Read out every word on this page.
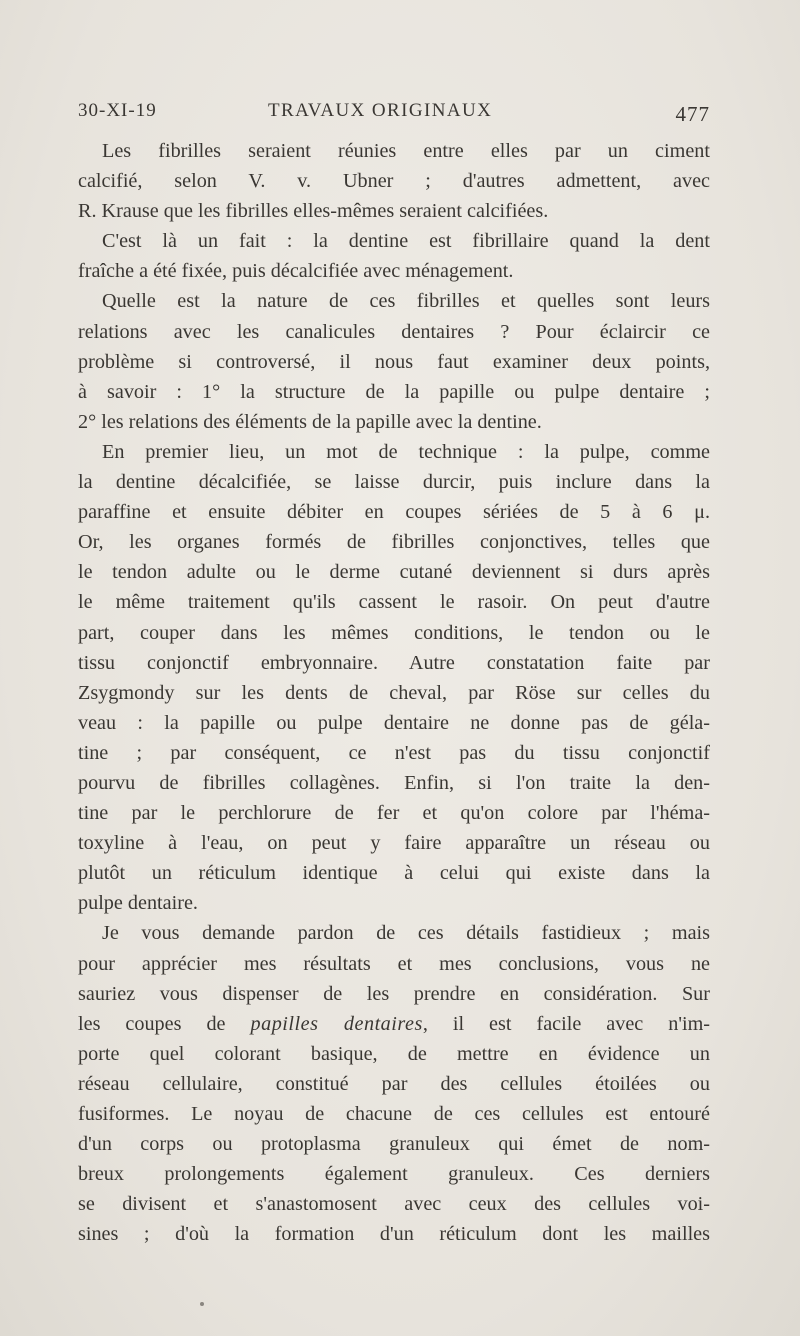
30-XI-19	TRAVAUX ORIGINAUX	477
Les fibrilles seraient réunies entre elles par un ciment
calcifié, selon V. v. Ubner ; d'autres admettent, avec
R. Krause que les fibrilles elles-mêmes seraient calcifiées.
C'est là un fait : la dentine est fibrillaire quand la dent
fraîche a été fixée, puis décalcifiée avec ménagement.
Quelle est la nature de ces fibrilles et quelles sont leurs
relations avec les canalicules dentaires ? Pour éclaircir ce
problème si controversé, il nous faut examiner deux points,
à savoir : 1° la structure de la papille ou pulpe dentaire ;
2° les relations des éléments de la papille avec la dentine.
En premier lieu, un mot de technique : la pulpe, comme
la dentine décalcifiée, se laisse durcir, puis inclure dans la
paraffine et ensuite débiter en coupes sériées de 5 à 6 μ.
Or, les organes formés de fibrilles conjonctives, telles que
le tendon adulte ou le derme cutané deviennent si durs après
le même traitement qu'ils cassent le rasoir. On peut d'autre
part, couper dans les mêmes conditions, le tendon ou le
tissu conjonctif embryonnaire. Autre constatation faite par
Zsygmondy sur les dents de cheval, par Röse sur celles du
veau : la papille ou pulpe dentaire ne donne pas de géla-
tine ; par conséquent, ce n'est pas du tissu conjonctif
pourvu de fibrilles collagènes. Enfin, si l'on traite la den-
tine par le perchlorure de fer et qu'on colore par l'héma-
toxyline à l'eau, on peut y faire apparaître un réseau ou
plutôt un réticulum identique à celui qui existe dans la
pulpe dentaire.
Je vous demande pardon de ces détails fastidieux ; mais
pour apprécier mes résultats et mes conclusions, vous ne
sauriez vous dispenser de les prendre en considération. Sur
les coupes de papilles dentaires, il est facile avec n'im-
porte quel colorant basique, de mettre en évidence un
réseau cellulaire, constitué par des cellules étoilées ou
fusiformes. Le noyau de chacune de ces cellules est entouré
d'un corps ou protoplasma granuleux qui émet de nom-
breux prolongements également granuleux. Ces derniers
se divisent et s'anastomosent avec ceux des cellules voi-
sines ; d'où la formation d'un réticulum dont les mailles
